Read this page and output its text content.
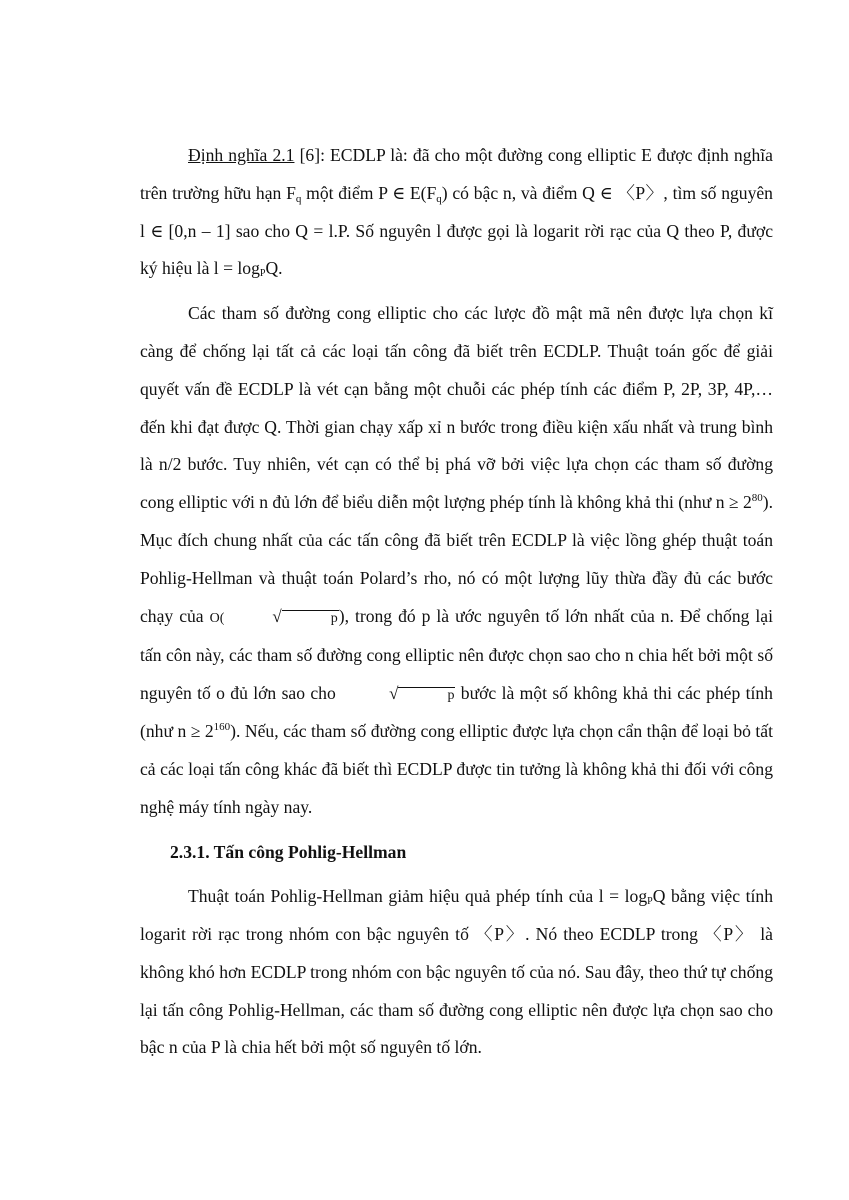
Định nghĩa 2.1 [6]: ECDLP là: đã cho một đường cong elliptic E được định nghĩa trên trường hữu hạn $F_q$ một điểm P ∈ $E(F_q)$ có bậc n, và điểm Q ∈ 〈P〉, tìm số nguyên l ∈ [0,n – 1] sao cho Q = l.P. Số nguyên l được gọi là logarit rời rạc của Q theo P, được ký hiệu là l = logPQ.

Các tham số đường cong elliptic cho các lược đồ mật mã nên được lựa chọn kĩ càng để chống lại tất cả các loại tấn công đã biết trên ECDLP. Thuật toán gốc để giải quyết vấn đề ECDLP là vét cạn bằng một chuỗi các phép tính các điểm P, 2P, 3P, 4P,… đến khi đạt được Q. Thời gian chạy xấp xỉ n bước trong điều kiện xấu nhất và trung bình là n/2 bước. Tuy nhiên, vét cạn có thể bị phá vỡ bởi việc lựa chọn các tham số đường cong elliptic với n đủ lớn để biểu diễn một lượng phép tính là không khả thi (như $n \ge 2^{80}$). Mục đích chung nhất của các tấn công đã biết trên ECDLP là việc lồng ghép thuật toán Pohlig-Hellman và thuật toán Polard’s rho, nó có một lượng lũy thừa đầy đủ các bước chạy của O(	√	p), trong đó p là ước nguyên tố lớn nhất của n. Để chống lại tấn côn này, các tham số đường cong elliptic nên được chọn sao cho n chia hết bởi một số nguyên tố o đủ lớn sao cho	√	p bước là một số không khả thi các phép tính (như $n \ge 2^{160}$). Nếu, các tham số đường cong elliptic được lựa chọn cẩn thận để loại bỏ tất cả các loại tấn công khác đã biết thì ECDLP được tin tưởng là không khả thi đối với công nghệ máy tính ngày nay.

2.3.1. Tấn công Pohlig-Hellman

Thuật toán Pohlig-Hellman giảm hiệu quả phép tính của l = logPQ bằng việc tính logarit rời rạc trong nhóm con bậc nguyên tố 〈P〉. Nó theo ECDLP trong 〈P〉 là không khó hơn ECDLP trong nhóm con bậc nguyên tố của nó. Sau đây, theo thứ tự chống lại tấn công Pohlig-Hellman, các tham số đường cong elliptic nên được lựa chọn sao cho bậc n của P là chia hết bởi một số nguyên tố lớn.
